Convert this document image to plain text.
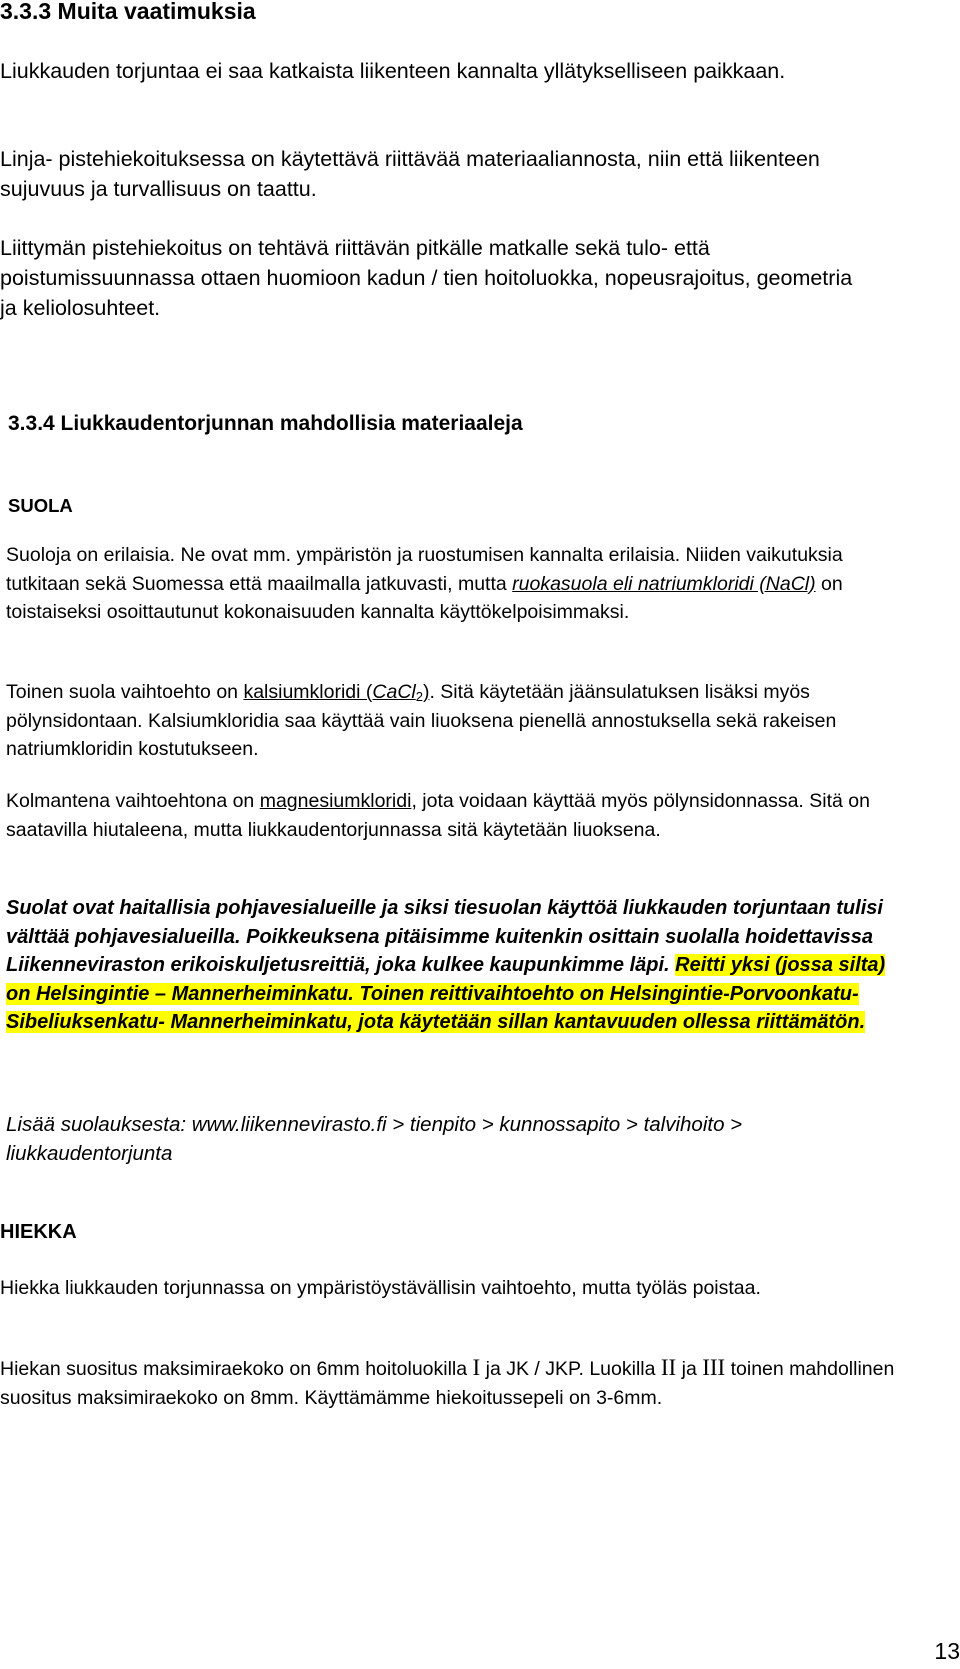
3.3.3 Muita vaatimuksia

Liukkauden torjuntaa ei saa katkaista liikenteen kannalta yllätykselliseen paikkaan.

Linja- pistehiekoituksessa on käytettävä riittävää materiaaliannosta, niin että liikenteen sujuvuus ja turvallisuus on taattu.

Liittymän pistehiekoitus on tehtävä riittävän pitkälle matkalle sekä tulo- että poistumissuunnassa ottaen huomioon kadun / tien hoitoluokka, nopeusrajoitus, geometria ja keliolosuhteet.

3.3.4 Liukkaudentorjunnan mahdollisia materiaaleja
SUOLA

Suoloja on erilaisia. Ne ovat mm. ympäristön ja ruostumisen kannalta erilaisia. Niiden vaikutuksia tutkitaan sekä Suomessa että maailmalla jatkuvasti, mutta ruokasuola eli natriumkloridi (NaCl) on toistaiseksi osoittautunut kokonaisuuden kannalta käyttökelpoisimmaksi.

Toinen suola vaihtoehto on kalsiumkloridi (CaCl$_2$). Sitä käytetään jäänsulatuksen lisäksi myös pölynsidontaan. Kalsiumkloridia saa käyttää vain liuoksena pienellä annostuksella sekä rakeisen natriumkloridin kostutukseen.

Kolmantena vaihtoehtona on magnesiumkloridi, jota voidaan käyttää myös pölynsidonnassa. Sitä on saatavilla hiutaleena, mutta liukkaudentorjunnassa sitä käytetään liuoksena.

Suolat ovat haitallisia pohjavesialueille ja siksi tiesuolan käyttöä liukkauden torjuntaan tulisi välttää pohjavesialueilla. Poikkeuksena pitäisimme kuitenkin osittain suolalla hoidettavissa Liikenneviraston erikoiskuljetusreittiä, joka kulkee kaupunkimme läpi. Reitti yksi (jossa silta) on Helsingintie – Mannerheiminkatu. Toinen reittivaihtoehto on Helsingintie-Porvoonkatu-Sibeliuksenkatu- Mannerheiminkatu, jota käytetään sillan kantavuuden ollessa riittämätön.

Lisää suolauksesta: www.liikennevirasto.fi > tienpito > kunnossapito > talvihoito > liukkaudentorjunta

HIEKKA

Hiekka liukkauden torjunnassa on ympäristöystävällisin vaihtoehto, mutta työläs poistaa.

Hiekan suositus maksimiraekoko on 6mm hoitoluokilla I ja JK / JKP. Luokilla II ja III toinen mahdollinen suositus maksimiraekoko on 8mm. Käyttämämme hiekoitussepeli on 3-6mm.

13
